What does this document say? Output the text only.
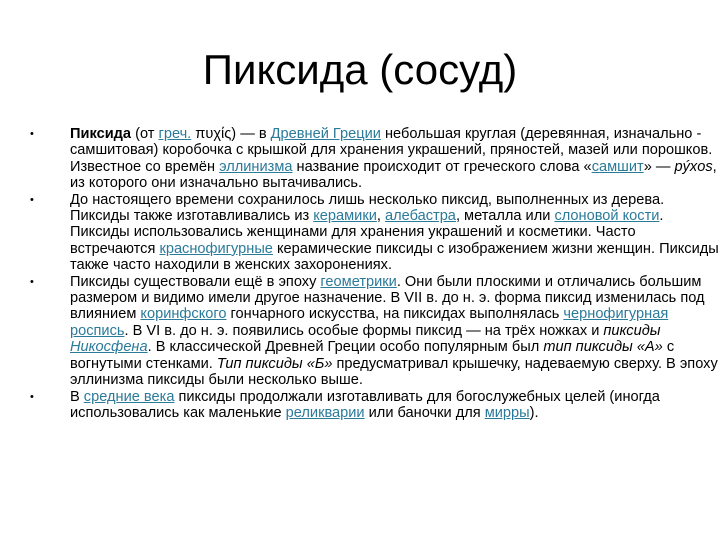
Пиксида (сосуд)
• Пиксида (от греч. πυχίς) — в Древней Греции небольшая круглая (деревянная, изначально - самшитовая) коробочка с крышкой для хранения украшений, пряностей, мазей или порошков. Известное со времён эллинизма название происходит от греческого слова «самшит» — pýxos, из которого они изначально вытачивались.
• До настоящего времени сохранилось лишь несколько пиксид, выполненных из дерева. Пиксиды также изготавливались из керамики, алебастра, металла или слоновой кости. Пиксиды использовались женщинами для хранения украшений и косметики. Часто встречаются краснофигурные керамические пиксиды с изображением жизни женщин. Пиксиды также часто находили в женских захоронениях.
• Пиксиды существовали ещё в эпоху геометрики. Они были плоскими и отличались большим размером и видимо имели другое назначение. В VII в. до н. э. форма пиксид изменилась под влиянием коринфского гончарного искусства, на пиксидах выполнялась чернофигурная роспись. В VI в. до н. э. появились особые формы пиксид — на трёх ножках и пиксиды Никосфена. В классической Древней Греции особо популярным был тип пиксиды «А» с вогнутыми стенками. Тип пиксиды «Б» предусматривал крышечку, надеваемую сверху. В эпоху эллинизма пиксиды были несколько выше.
• В средние века пиксиды продолжали изготавливать для богослужебных целей (иногда использовались как маленькие реликварии или баночки для мирры).
